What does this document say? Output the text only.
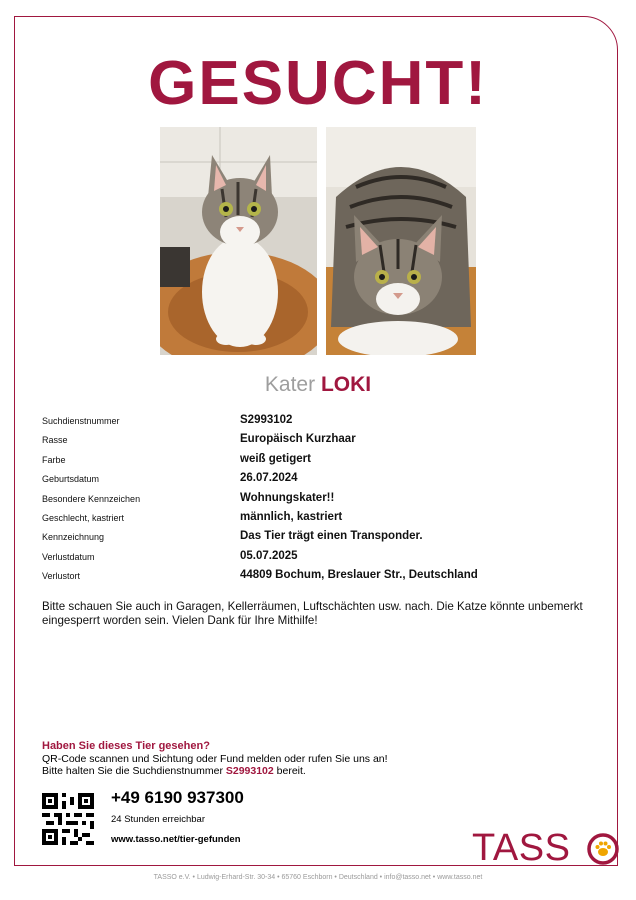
GESUCHT!
Kater LOKI
Suchdienstnummer	S2993102
Rasse	Europäisch Kurzhaar
Farbe	weiß getigert
Geburtsdatum	26.07.2024
Besondere Kennzeichen	Wohnungskater!!
Geschlecht, kastriert	männlich, kastriert
Kennzeichnung	Das Tier trägt einen Transponder.
Verlustdatum	05.07.2025
Verlustort	44809 Bochum, Breslauer Str., Deutschland
Bitte schauen Sie auch in Garagen, Kellerräumen, Luftschächten usw. nach. Die Katze könnte unbemerkt eingesperrt worden sein. Vielen Dank für Ihre Mithilfe!
Haben Sie dieses Tier gesehen?
QR-Code scannen und Sichtung oder Fund melden oder rufen Sie uns an!
Bitte halten Sie die Suchdienstnummer S2993102 bereit.
+49 6190 937300
24 Stunden erreichbar
www.tasso.net/tier-gefunden	TASS
TASSO e.V. • Ludwig-Erhard-Str. 30-34 • 65760 Eschborn • Deutschland • info@tasso.net • www.tasso.net
